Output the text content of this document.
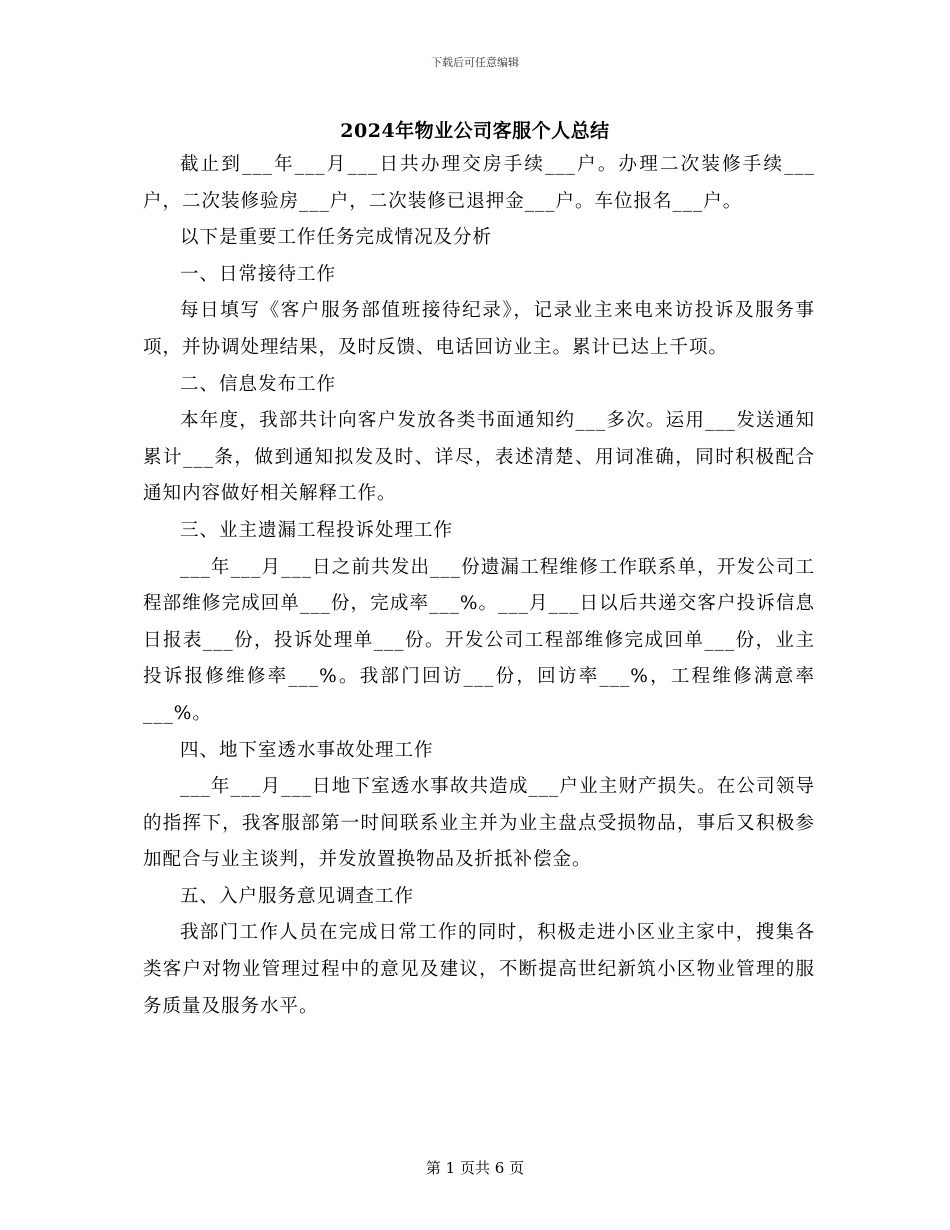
下载后可任意编辑
2024年物业公司客服个人总结

截止到___年___月___日共办理交房手续___户。办理二次装修手续___户，二次装修验房___户，二次装修已退押金___户。车位报名___户。

以下是重要工作任务完成情况及分析

一、日常接待工作

每日填写《客户服务部值班接待纪录》，记录业主来电来访投诉及服务事项，并协调处理结果，及时反馈、电话回访业主。累计已达上千项。

二、信息发布工作

本年度，我部共计向客户发放各类书面通知约___多次。运用___发送通知累计___条，做到通知拟发及时、详尽，表述清楚、用词准确，同时积极配合通知内容做好相关解释工作。

三、业主遗漏工程投诉处理工作

___年___月___日之前共发出___份遗漏工程维修工作联系单，开发公司工程部维修完成回单___份，完成率___%。___月___日以后共递交客户投诉信息日报表___份，投诉处理单___份。开发公司工程部维修完成回单___份，业主投诉报修维修率___%。我部门回访___份，回访率___%，工程维修满意率___%。

四、地下室透水事故处理工作

___年___月___日地下室透水事故共造成___户业主财产损失。在公司领导的指挥下，我客服部第一时间联系业主并为业主盘点受损物品，事后又积极参加配合与业主谈判，并发放置换物品及折抵补偿金。

五、入户服务意见调查工作

我部门工作人员在完成日常工作的同时，积极走进小区业主家中，搜集各类客户对物业管理过程中的意见及建议，不断提高世纪新筑小区物业管理的服务质量及服务水平。

第 1 页共 6 页
